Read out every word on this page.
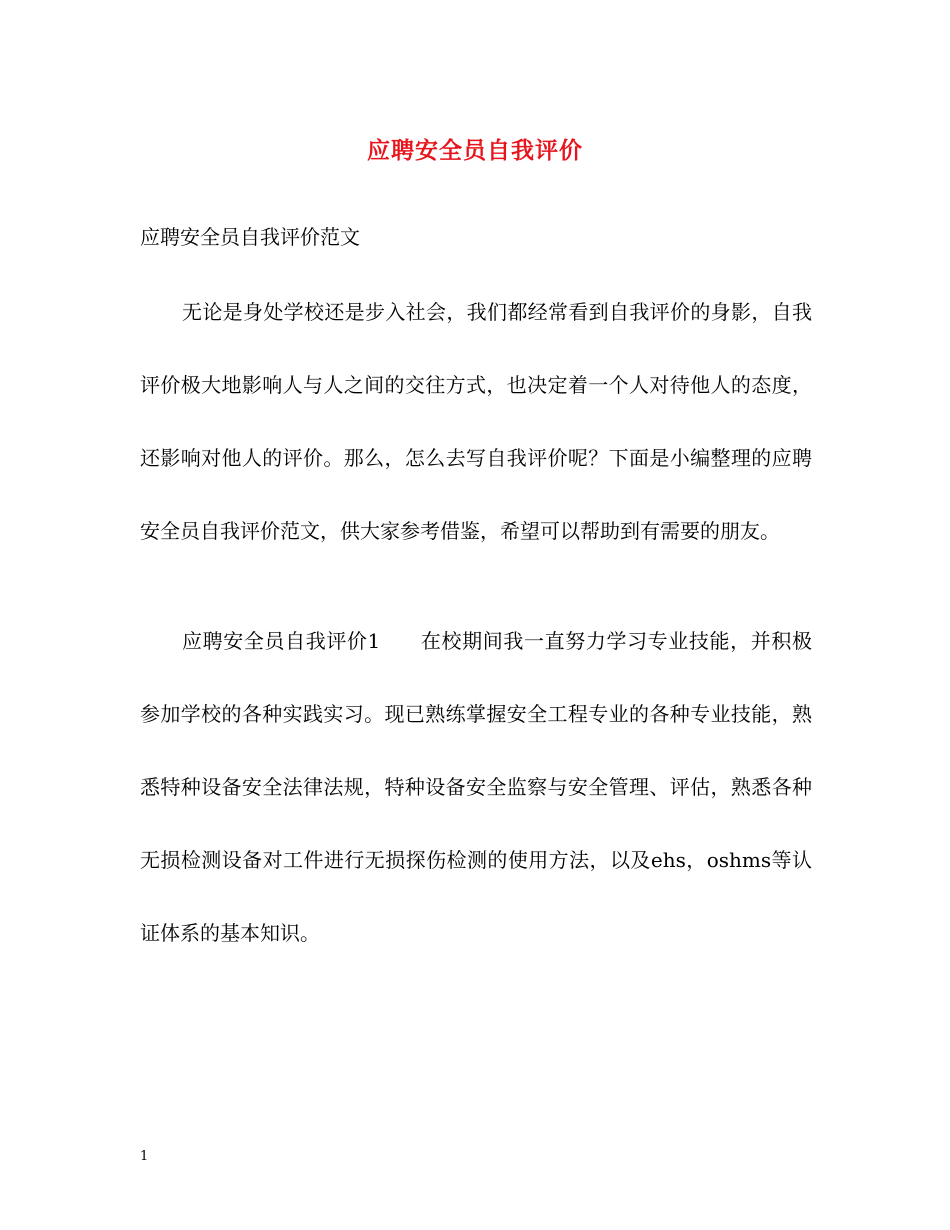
应聘安全员自我评价
应聘安全员自我评价范文
无论是身处学校还是步入社会，我们都经常看到自我评价的身影，自我评价极大地影响人与人之间的交往方式，也决定着一个人对待他人的态度，还影响对他人的评价。那么，怎么去写自我评价呢？下面是小编整理的应聘安全员自我评价范文，供大家参考借鉴，希望可以帮助到有需要的朋友。
应聘安全员自我评价1 在校期间我一直努力学习专业技能，并积极参加学校的各种实践实习。现已熟练掌握安全工程专业的各种专业技能，熟悉特种设备安全法律法规，特种设备安全监察与安全管理、评估，熟悉各种无损检测设备对工件进行无损探伤检测的使用方法，以及ehs，oshms等认证体系的基本知识。
1
